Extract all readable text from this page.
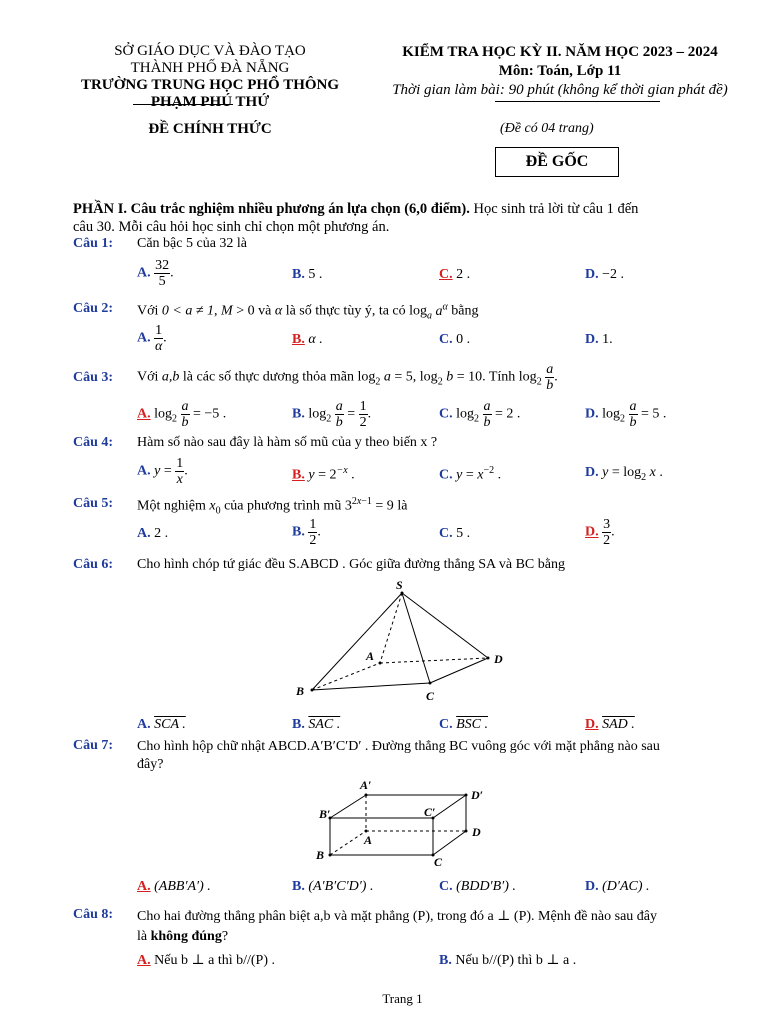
SỞ GIÁO DỤC VÀ ĐÀO TẠO
THÀNH PHỐ ĐÀ NẴNG
TRƯỜNG TRUNG HỌC PHỔ THÔNG
PHẠM PHÚ THỨ
ĐỀ CHÍNH THỨC
KIỂM TRA HỌC KỲ II. NĂM HỌC 2023 – 2024
Môn: Toán, Lớp 11
Thời gian làm bài: 90 phút (không kể thời gian phát đề)
(Đề có 04 trang)
ĐỀ GỐC
PHẦN I. Câu trắc nghiệm nhiều phương án lựa chọn (6,0 điểm). Học sinh trả lời từ câu 1 đến
câu 30. Mỗi câu hỏi học sinh chỉ chọn một phương án.
Câu 1: Căn bậc 5 của 32 là
A. $\frac{32}{5}$ .	B. 5 .	C. 2 .	D. −2 .
Câu 2: Với 0 < a ≠ 1, M > 0 và α là số thực tùy ý, ta có $\log_a a^\alpha$ bằng
A. $\frac{1}{\alpha}$ .	B. α .	C. 0 .	D. 1.
Câu 3: Với a,b là các số thực dương thỏa mãn $\log_2 a = 5$, $\log_2 b = 10$. Tính $\log_2 \frac{a}{b}$ .
A. $\log_2 \frac{a}{b} = -5$ .	B. $\log_2 \frac{a}{b} = \frac{1}{2}$ .	C. $\log_2 \frac{a}{b} = 2$ .	D. $\log_2 \frac{a}{b} = 5$ .
Câu 4: Hàm số nào sau đây là hàm số mũ của y theo biến x ?
A. $y = \frac{1}{x}$ .	B. $y = 2^{-x}$ .	C. $y = x^{-2}$ .	D. $y = \log_2 x$ .
Câu 5: Một nghiệm $x_0$ của phương trình mũ $3^{2x-1} = 9$ là
A. 2 .	B. $\frac{1}{2}$ .	C. 5 .	D. $\frac{3}{2}$ .
Câu 6: Cho hình chóp tứ giác đều S.ABCD . Góc giữa đường thẳng SA và BC bằng
S
A	D
B	C
A. SCA .	B. SAC .	C. BSC .	D. SAD .
Câu 7: Cho hình hộp chữ nhật ABCD.A′B′C′D′ . Đường thẳng BC vuông góc với mặt phẳng nào sau
đây?
A′
D′
B′	C′
A
D
B	C
A. (ABB′A′) .	B. (A′B′C′D′) .	C. (BDD′B′) .	D. (D′AC) .
Câu 8: Cho hai đường thẳng phân biệt a,b và mặt phẳng (P), trong đó a ⊥ (P). Mệnh đề nào sau đây
là không đúng?
A. Nếu b ⊥ a thì b//(P) .	B. Nếu b//(P) thì b ⊥ a .
Trang 1
